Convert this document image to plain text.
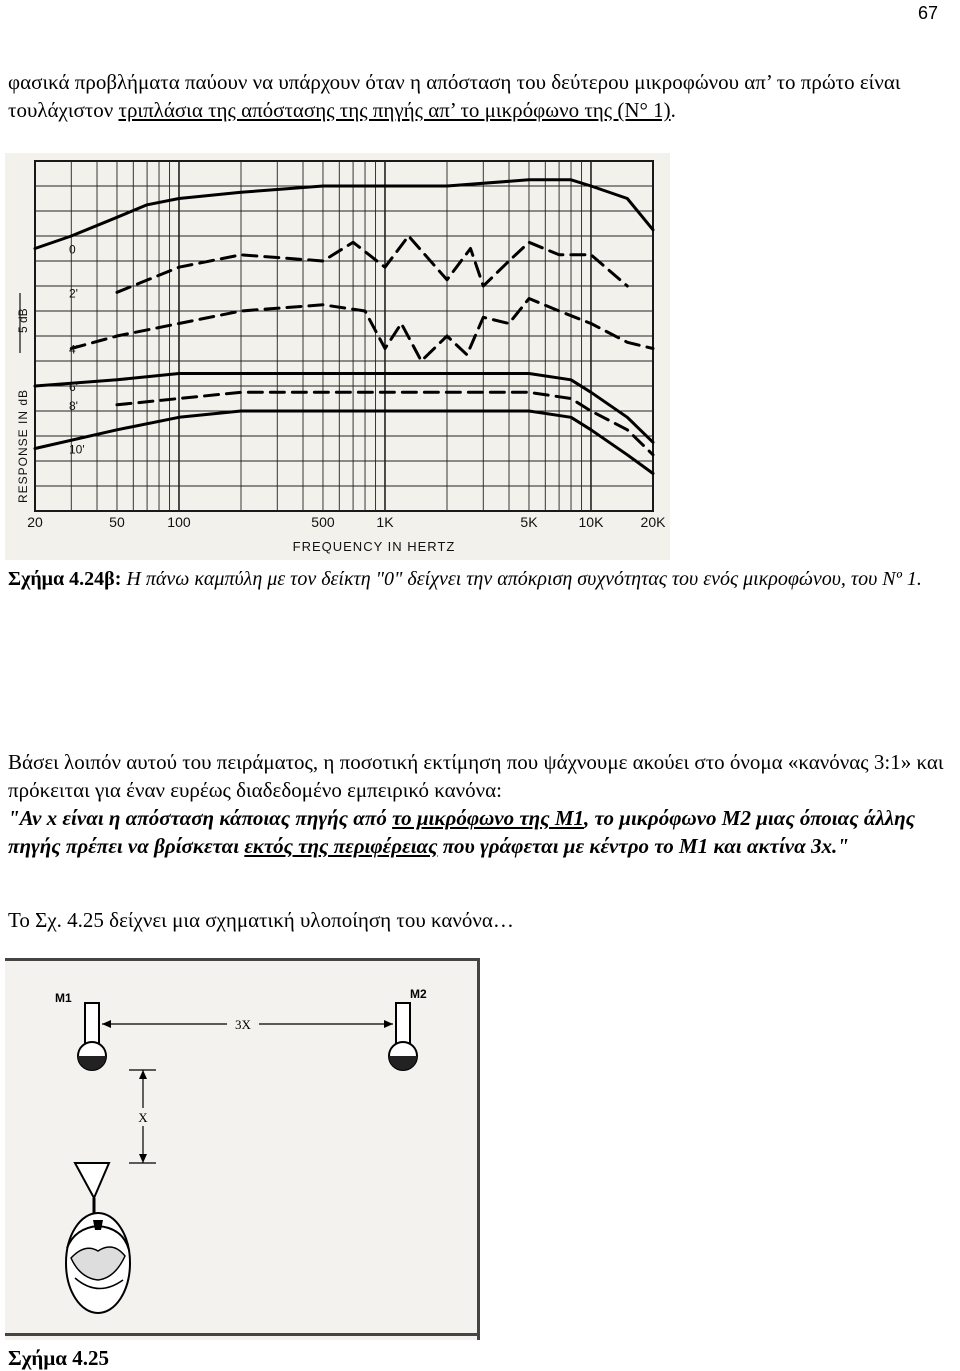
67
φασικά προβλήματα παύουν να υπάρχουν όταν η απόσταση του δεύτερου μικροφώνου απ’ το πρώτο είναι τουλάχιστον τριπλάσια της απόστασης της πηγής απ’ το μικρόφωνο της (Ν° 1).
20	50	100	500	1K	5K	10K	20K
FREQUENCY IN HERTZ
RESPONSE IN dB
5 dB
0
2'
4'
6'
8'
10'
Σχήμα 4.24β: Η πάνω καμπύλη με τον δείκτη "0" δείχνει την απόκριση συχνότητας του ενός μικροφώνου, του Νº 1.
Βάσει λοιπόν αυτού του πειράματος, η ποσοτική εκτίμηση που ψάχνουμε ακούει στο όνομα «κανόνας 3:1» και πρόκειται για έναν ευρέως διαδεδομένο εμπειρικό κανόνα:
"Αν x είναι η απόσταση κάποιας πηγής από το μικρόφωνο της Μ1, το μικρόφωνο Μ2 μιας όποιας άλλης πηγής πρέπει να βρίσκεται εκτός της περιφέρειας που γράφεται με κέντρο το Μ1 και ακτίνα 3x."
Το Σχ. 4.25 δείχνει μια σχηματική υλοποίηση του κανόνα…
M1	M2
3X
X
Σχήμα 4.25
